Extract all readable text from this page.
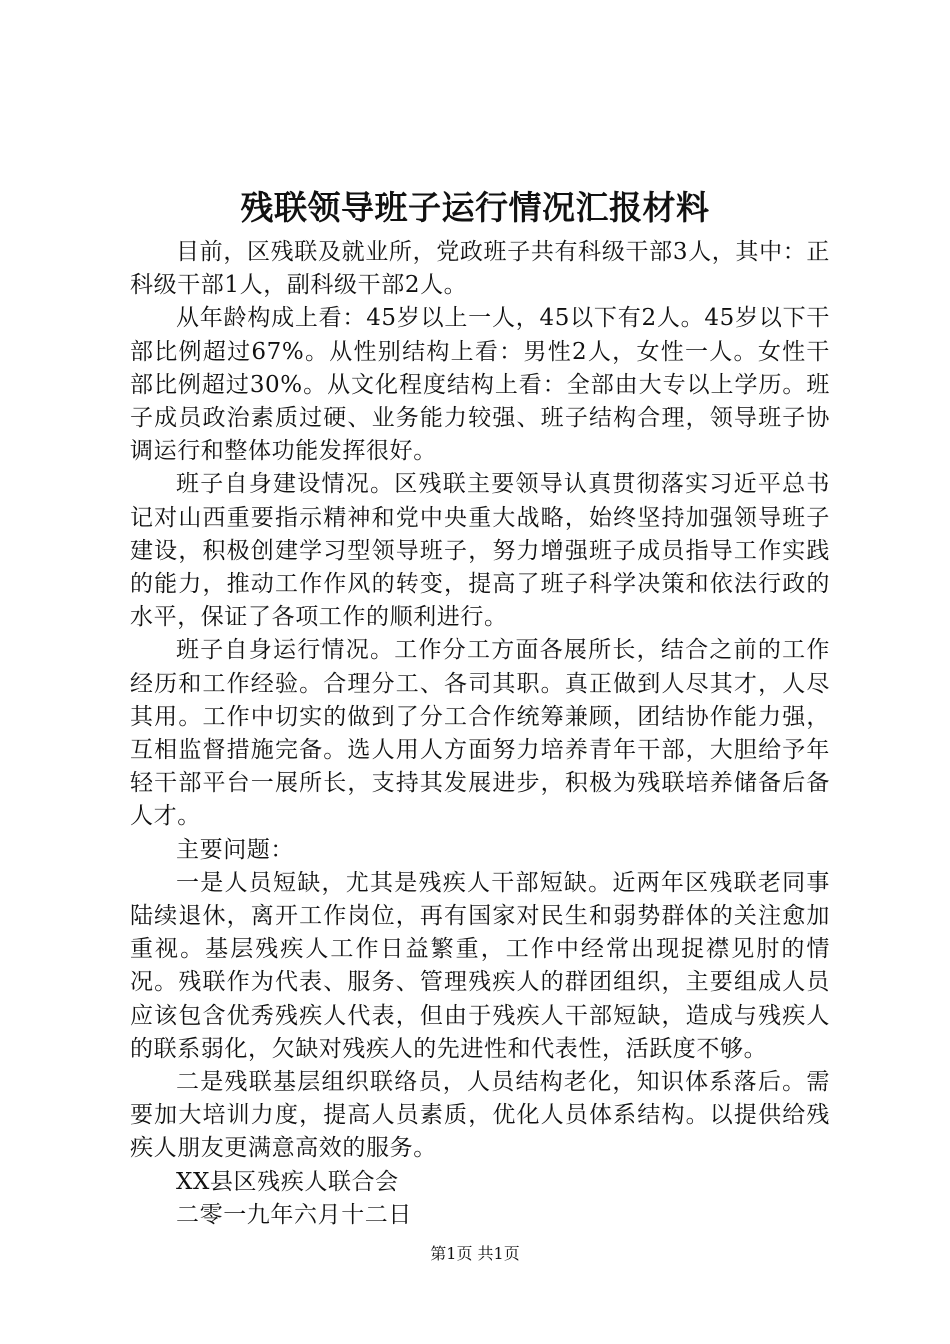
残联领导班子运行情况汇报材料

目前，区残联及就业所，党政班子共有科级干部3人，其中：正科级干部1人，副科级干部2人。

从年龄构成上看：45岁以上一人，45以下有2人。45岁以下干部比例超过67%。从性别结构上看：男性2人，女性一人。女性干部比例超过30%。从文化程度结构上看：全部由大专以上学历。班子成员政治素质过硬、业务能力较强、班子结构合理，领导班子协调运行和整体功能发挥很好。

班子自身建设情况。区残联主要领导认真贯彻落实习近平总书记对山西重要指示精神和党中央重大战略，始终坚持加强领导班子建设，积极创建学习型领导班子，努力增强班子成员指导工作实践的能力，推动工作作风的转变，提高了班子科学决策和依法行政的水平，保证了各项工作的顺利进行。

班子自身运行情况。工作分工方面各展所长，结合之前的工作经历和工作经验。合理分工、各司其职。真正做到人尽其才，人尽其用。工作中切实的做到了分工合作统筹兼顾，团结协作能力强，互相监督措施完备。选人用人方面努力培养青年干部，大胆给予年轻干部平台一展所长，支持其发展进步，积极为残联培养储备后备人才。

主要问题：

一是人员短缺，尤其是残疾人干部短缺。近两年区残联老同事陆续退休，离开工作岗位，再有国家对民生和弱势群体的关注愈加重视。基层残疾人工作日益繁重，工作中经常出现捉襟见肘的情况。残联作为代表、服务、管理残疾人的群团组织，主要组成人员应该包含优秀残疾人代表，但由于残疾人干部短缺，造成与残疾人的联系弱化，欠缺对残疾人的先进性和代表性，活跃度不够。

二是残联基层组织联络员，人员结构老化，知识体系落后。需要加大培训力度，提高人员素质，优化人员体系结构。以提供给残疾人朋友更满意高效的服务。

XX县区残疾人联合会

二零一九年六月十二日

第1页 共1页
